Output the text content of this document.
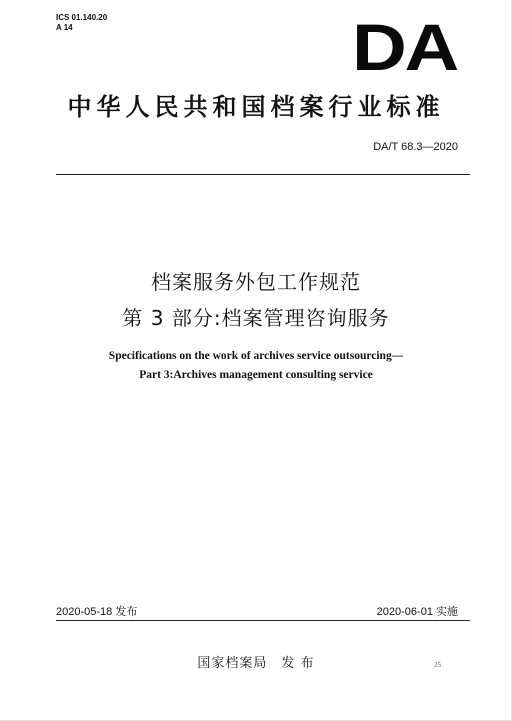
ICS 01.140.20
A 14	DA
中华人民共和国档案行业标准
DA/T 68.3—2020
档案服务外包工作规范
第 3 部分:档案管理咨询服务
Specifications on the work of archives service outsourcing—
Part 3:Archives management consulting service
2020-05-18 发布	2020-06-01 实施
国家档案局　发 布	25
